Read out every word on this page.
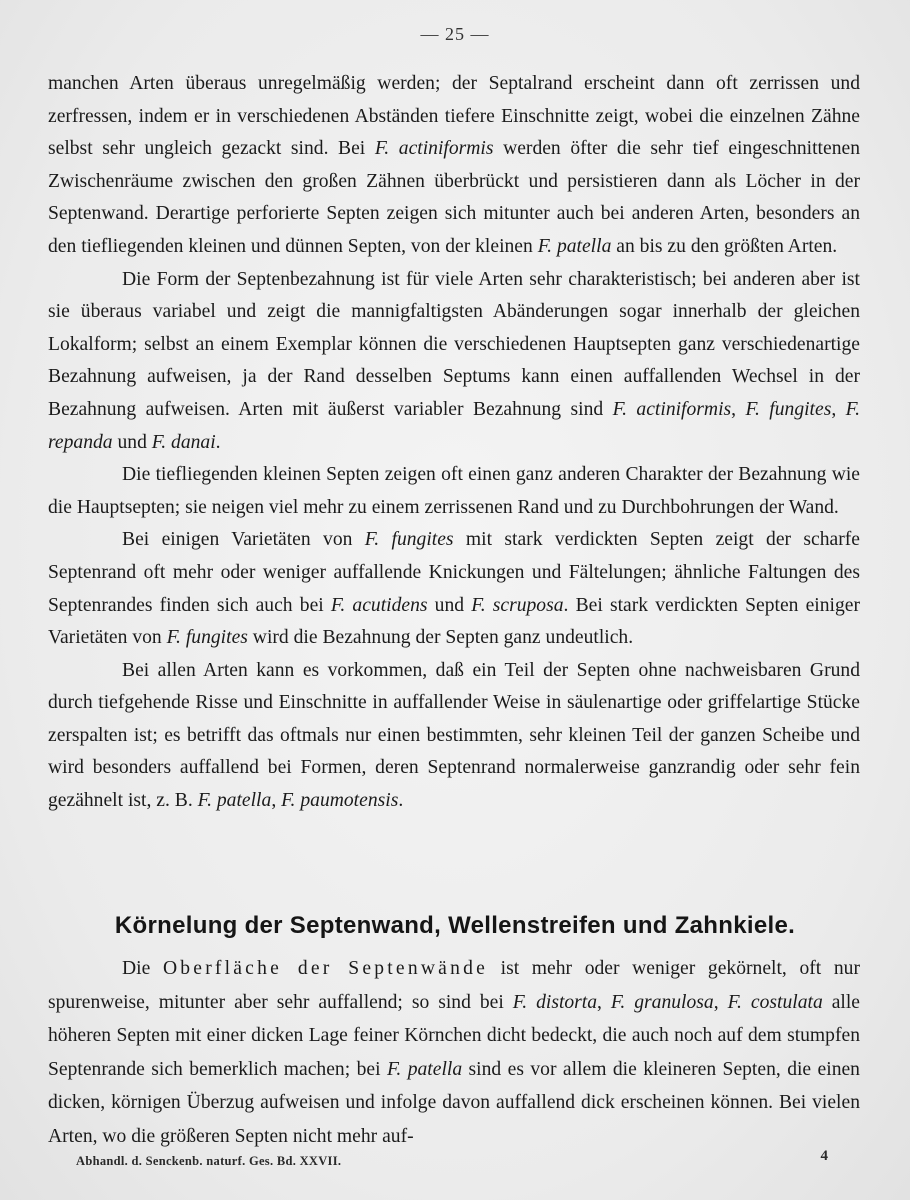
— 25 —

manchen Arten überaus unregelmäßig werden; der Septalrand erscheint dann oft zerrissen und zerfressen, indem er in verschiedenen Abständen tiefere Einschnitte zeigt, wobei die einzelnen Zähne selbst sehr ungleich gezackt sind. Bei F. actiniformis werden öfter die sehr tief eingeschnittenen Zwischenräume zwischen den großen Zähnen überbrückt und persistieren dann als Löcher in der Septenwand. Derartige perforierte Septen zeigen sich mitunter auch bei anderen Arten, besonders an den tiefliegenden kleinen und dünnen Septen, von der kleinen F. patella an bis zu den größten Arten.

Die Form der Septenbezahnung ist für viele Arten sehr charakteristisch; bei anderen aber ist sie überaus variabel und zeigt die mannigfaltigsten Abänderungen sogar innerhalb der gleichen Lokalform; selbst an einem Exemplar können die verschiedenen Hauptsepten ganz verschiedenartige Bezahnung aufweisen, ja der Rand desselben Septums kann einen auffallenden Wechsel in der Bezahnung aufweisen. Arten mit äußerst variabler Bezahnung sind F. actiniformis, F. fungites, F. repanda und F. danai.

Die tiefliegenden kleinen Septen zeigen oft einen ganz anderen Charakter der Bezahnung wie die Hauptsepten; sie neigen viel mehr zu einem zerrissenen Rand und zu Durchbohrungen der Wand.

Bei einigen Varietäten von F. fungites mit stark verdickten Septen zeigt der scharfe Septenrand oft mehr oder weniger auffallende Knickungen und Fältelungen; ähnliche Faltungen des Septenrandes finden sich auch bei F. acutidens und F. scruposa. Bei stark verdickten Septen einiger Varietäten von F. fungites wird die Bezahnung der Septen ganz undeutlich.

Bei allen Arten kann es vorkommen, daß ein Teil der Septen ohne nachweisbaren Grund durch tiefgehende Risse und Einschnitte in auffallender Weise in säulenartige oder griffelartige Stücke zerspalten ist; es betrifft das oftmals nur einen bestimmten, sehr kleinen Teil der ganzen Scheibe und wird besonders auffallend bei Formen, deren Septenrand normalerweise ganzrandig oder sehr fein gezähnelt ist, z. B. F. patella, F. paumotensis.

Körnelung der Septenwand, Wellenstreifen und Zahnkiele.

Die Oberfläche der Septenwände ist mehr oder weniger gekörnelt, oft nur spurenweise, mitunter aber sehr auffallend; so sind bei F. distorta, F. granulosa, F. costulata alle höheren Septen mit einer dicken Lage feiner Körnchen dicht bedeckt, die auch noch auf dem stumpfen Septenrande sich bemerklich machen; bei F. patella sind es vor allem die kleineren Septen, die einen dicken, körnigen Überzug aufweisen und infolge davon auffallend dick erscheinen können. Bei vielen Arten, wo die größeren Septen nicht mehr auf-

Abhandl. d. Senckenb. naturf. Ges. Bd. XXVII.	4
